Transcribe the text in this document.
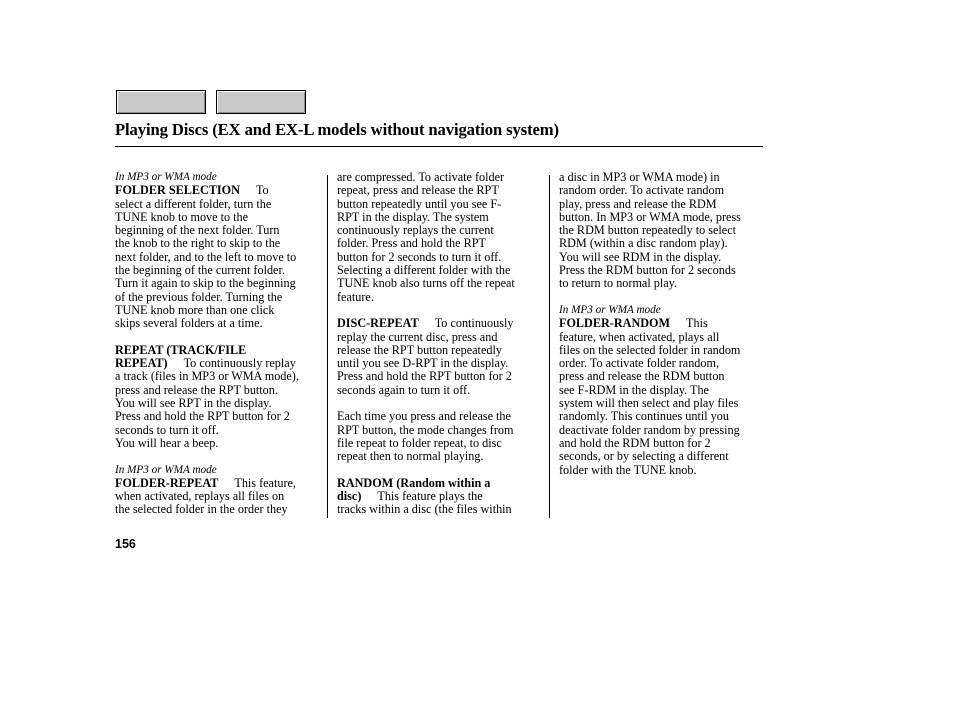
Playing Discs (EX and EX-L models without navigation system)
In MP3 or WMA mode
FOLDER SELECTION To
select a different folder, turn the
TUNE knob to move to the
beginning of the next folder. Turn
the knob to the right to skip to the
next folder, and to the left to move to
the beginning of the current folder.
Turn it again to skip to the beginning
of the previous folder. Turning the
TUNE knob more than one click
skips several folders at a time.
REPEAT (TRACK/FILE
REPEAT) To continuously replay
a track (files in MP3 or WMA mode),
press and release the RPT button.
You will see RPT in the display.
Press and hold the RPT button for 2
seconds to turn it off.
You will hear a beep.
In MP3 or WMA mode
FOLDER-REPEAT This feature,
when activated, replays all files on
the selected folder in the order they
are compressed. To activate folder
repeat, press and release the RPT
button repeatedly until you see F-
RPT in the display. The system
continuously replays the current
folder. Press and hold the RPT
button for 2 seconds to turn it off.
Selecting a different folder with the
TUNE knob also turns off the repeat
feature.
DISC-REPEAT To continuously
replay the current disc, press and
release the RPT button repeatedly
until you see D-RPT in the display.
Press and hold the RPT button for 2
seconds again to turn it off.
Each time you press and release the
RPT button, the mode changes from
file repeat to folder repeat, to disc
repeat then to normal playing.
RANDOM (Random within a
disc) This feature plays the
tracks within a disc (the files within
a disc in MP3 or WMA mode) in
random order. To activate random
play, press and release the RDM
button. In MP3 or WMA mode, press
the RDM button repeatedly to select
RDM (within a disc random play).
You will see RDM in the display.
Press the RDM button for 2 seconds
to return to normal play.
In MP3 or WMA mode
FOLDER-RANDOM This
feature, when activated, plays all
files on the selected folder in random
order. To activate folder random,
press and release the RDM button
see F-RDM in the display. The
system will then select and play files
randomly. This continues until you
deactivate folder random by pressing
and hold the RDM button for 2
seconds, or by selecting a different
folder with the TUNE knob.

156
